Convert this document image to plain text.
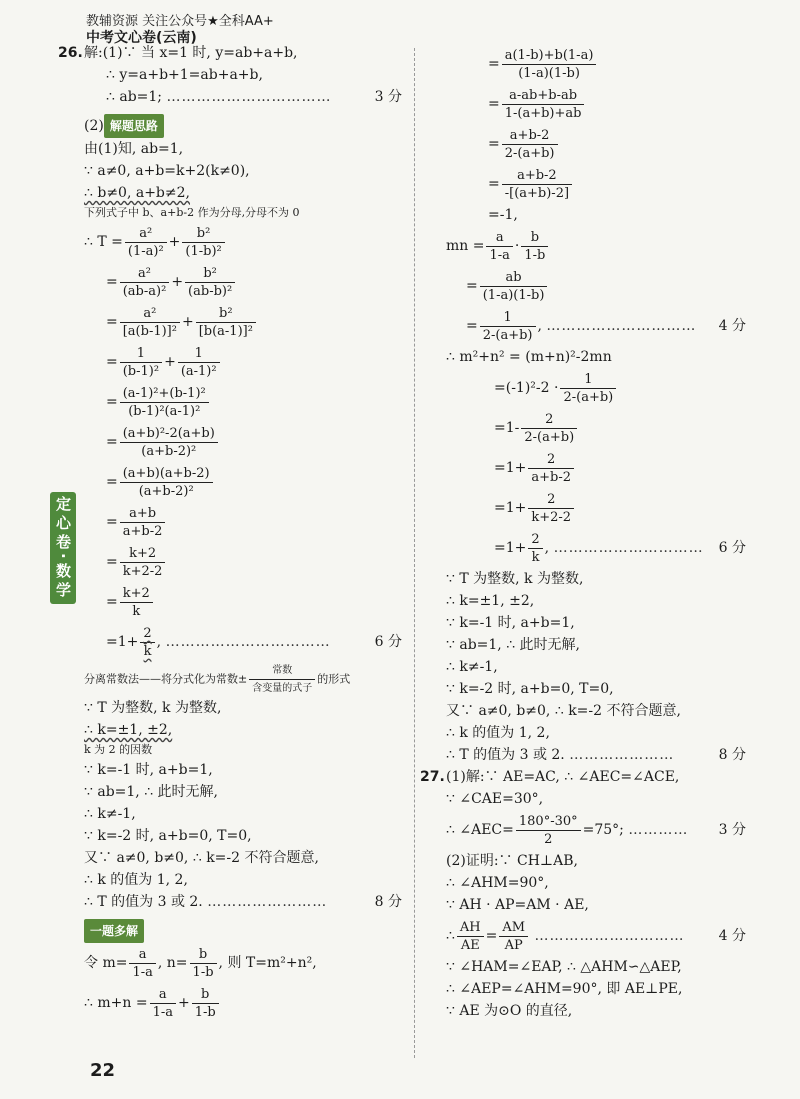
教辅资源 关注公众号★全科AA+
中考文心卷(云南)
定心卷·数学
26. 解:(1)∵ 当 x=1 时, y=ab+a+b,
∴ y=a+b+1=ab+a+b,
∴ ab=1; ……………………………	3 分
(2) 解题思路
由(1)知, ab=1,
∵ a≠0, a+b=k+2(k≠0),
∴ b≠0, a+b≠2,
下列式子中 b、a+b-2 作为分母,分母不为 0
∴ $T = \frac{\text{a²}}{\text{(1-a)²}} + \frac{\text{b²}}{\text{(1-b)²}}$
= $\frac{\text{a²}}{\text{(ab-a)²}} + \frac{\text{b²}}{\text{(ab-b)²}}$
= $\frac{\text{a²}}{\text{[a(b-1)]²}} + \frac{\text{b²}}{\text{[b(a-1)]²}}$
= $\frac{1}{\text{(b-1)²}} + \frac{1}{\text{(a-1)²}}$
= $\frac{\text{(a-1)²+(b-1)²}}{\text{(b-1)²(a-1)²}}$
= $\frac{\text{(a+b)²-2(a+b)}}{\text{(a+b-2)²}}$
= $\frac{(a+b)(a+b-2)}{\text{(a+b-2)²}}$
= $\frac{a+b}{a+b-2}$
= $\frac{k+2}{k+2-2}$
= $\frac{k+2}{k}$
$=1+ \frac{2}{k}$ , ……………………………	6 分
分离常数法——将分式化为常数± $\frac{\text{常数}}{\text{含变量的式子}}$ 的形式
∵ T 为整数, k 为整数,
∴ k=±1, ±2,
k 为 2 的因数
∵ k=-1 时, a+b=1,
∵ ab=1, ∴ 此时无解,
∴ k≠-1,
∵ k=-2 时, a+b=0, T=0,
又∵ a≠0, b≠0, ∴ k=-2 不符合题意,
∴ k 的值为 1, 2,
∴ T 的值为 3 或 2. ……………………	8 分
一题多解
令 $m= \frac{a}{1-a}$ , $n= \frac{b}{1-b}$ , 则 T=m²+n²,
∴ $m+n = \frac{a}{1-a} + \frac{b}{1-b}$
= $\frac{a(1-b)+b(1-a)}{(1-a)(1-b)}$
= $\frac{a-ab+b-ab}{1-(a+b)+ab}$
= $\frac{a+b-2}{2-(a+b)}$
= $\frac{a+b-2}{-[(a+b)-2]}$
=-1,
mn = $\frac{a}{1-a} \cdot \frac{b}{1-b}$
= $\frac{ab}{(1-a)(1-b)}$
= $\frac{1}{2-(a+b)}$ , ………………………… 4 分
∴ m²+n² = (m+n)²-2mn
$=(-1)^2-2 \cdot \frac{1}{2-(a+b)}$
$=1- \frac{2}{2-(a+b)}$
$=1+ \frac{2}{a+b-2}$
$=1+ \frac{2}{k+2-2}$
$=1+ \frac{2}{k}$ , ………………………… 6 分
∵ T 为整数, k 为整数,
∴ k=±1, ±2,
∵ k=-1 时, a+b=1,
∵ ab=1, ∴ 此时无解,
∴ k≠-1,
∵ k=-2 时, a+b=0, T=0,
又∵ a≠0, b≠0, ∴ k=-2 不符合题意,
∴ k 的值为 1, 2,
∴ T 的值为 3 或 2. …………………	8 分
27. (1)解:∵ AE=AC, ∴ ∠AEC=∠ACE,
∵ ∠CAE=30°,
∴ ∠AEC= $\frac{180^\circ-30^\circ}{2} =75^\circ$; ………… 3 分
(2)证明:∵ CH⊥AB,
∴ ∠AHM=90°,
∵ AH · AP=AM · AE,
∴ $\frac{AH}{AE} = \frac{AM}{AP}$ ………………………… 4 分
∵ ∠HAM=∠EAP, ∴ △AHM∽△AEP,
∴ ∠AEP=∠AHM=90°, 即 AE⊥PE,
∵ AE 为⊙O 的直径,
22
